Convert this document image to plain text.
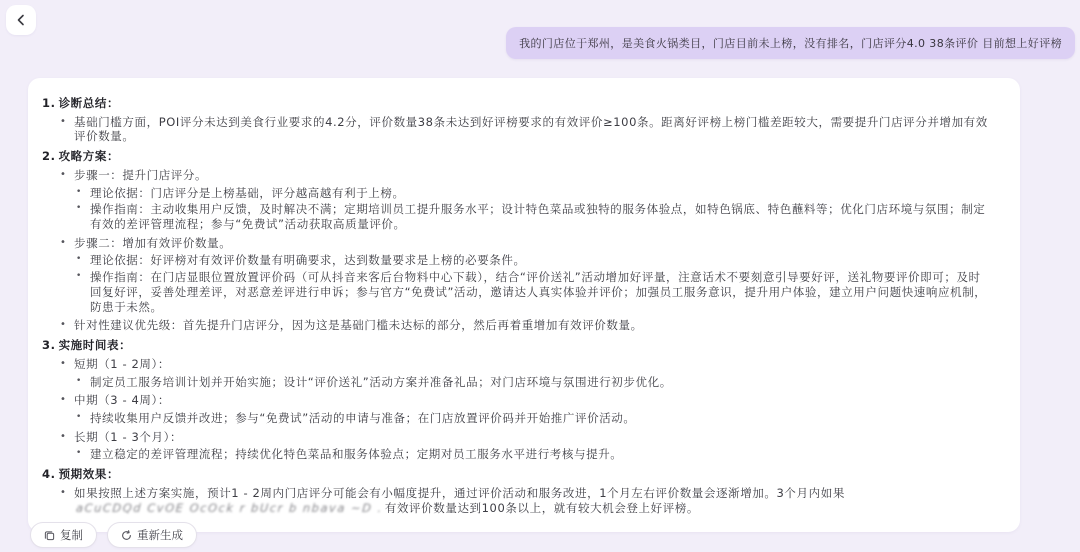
我的门店位于郑州，是美食火锅类目，门店目前未上榜，没有排名，门店评分4.0 38条评价 目前想上好评榜
1. 诊断总结：
• 基础门槛方面，POI评分未达到美食行业要求的4.2分，评价数量38条未达到好评榜要求的有效评价≥100条。距离好评榜上榜门槛差距较大，需要提升门店评分并增加有效评价数量。
2. 攻略方案：
• 步骤一：提升门店评分。
• 理论依据：门店评分是上榜基础，评分越高越有利于上榜。
• 操作指南：主动收集用户反馈，及时解决不满；定期培训员工提升服务水平；设计特色菜品或独特的服务体验点，如特色锅底、特色蘸料等；优化门店环境与氛围；制定有效的差评管理流程；参与“免费试”活动获取高质量评价。
• 步骤二：增加有效评价数量。
• 理论依据：好评榜对有效评价数量有明确要求，达到数量要求是上榜的必要条件。
• 操作指南：在门店显眼位置放置评价码（可从抖音来客后台物料中心下载），结合“评价送礼”活动增加好评量，注意话术不要刻意引导要好评，送礼物要评价即可；及时回复好评，妥善处理差评，对恶意差评进行申诉；参与官方“免费试”活动，邀请达人真实体验并评价；加强员工服务意识，提升用户体验，建立用户问题快速响应机制，防患于未然。
• 针对性建议优先级：首先提升门店评分，因为这是基础门槛未达标的部分，然后再着重增加有效评价数量。
3. 实施时间表：
• 短期（1 - 2周）：
• 制定员工服务培训计划并开始实施；设计“评价送礼”活动方案并准备礼品；对门店环境与氛围进行初步优化。
• 中期（3 - 4周）：
• 持续收集用户反馈并改进；参与“免费试”活动的申请与准备；在门店放置评价码并开始推广评价活动。
• 长期（1 - 3个月）：
• 建立稳定的差评管理流程；持续优化特色菜品和服务体验点；定期对员工服务水平进行考核与提升。
4. 预期效果：
• 如果按照上述方案实施，预计1 - 2周内门店评分可能会有小幅度提升，通过评价活动和服务改进，1个月左右评价数量会逐渐增加。3个月内如果aCuCDQd CvOE OcOck r bUcr b nbava ~D .有效评价数量达到100条以上，就有较大机会登上好评榜。
复制	重新生成
